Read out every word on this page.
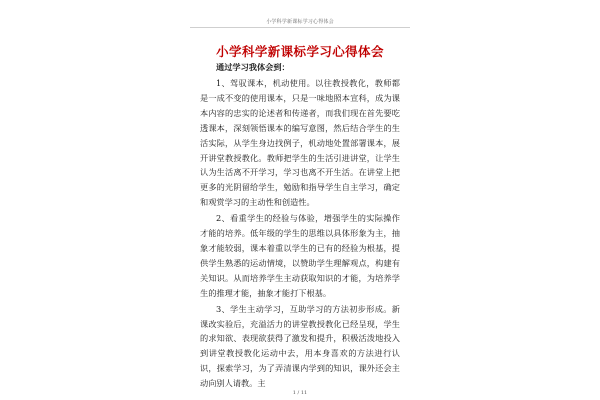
小学科学新课标学习心得体会
小学科学新课标学习心得体会

通过学习我体会到：

1、驾驭课本，机动使用。以往教授教化，教师都是一成不变的使用课本，只是一味地照本宣科，成为课本内容的忠实的论述者和传递者，而我们现在首先要吃透课本，深刻领悟课本的编写意图，然后结合学生的生活实际，从学生身边找例子，机动地处置部署课本，展开讲堂教授教化。教师把学生的生活引进讲堂，让学生认为生活离不开学习，学习也离不开生活。在讲堂上把更多的光阴留给学生，勉励和指导学生自主学习，确定和观赏学习的主动性和创造性。

2、看重学生的经验与体验，增强学生的实际操作才能的培养。低年级的学生的思维以具体形象为主，抽象才能较弱，课本着重以学生的已有的经验为根基，提供学生熟悉的运动情境，以赞助学生理解观点，构建有关知识。从而培养学生主动获取知识的才能，为培养学生的推理才能，抽象才能打下根基。

3、学生主动学习，互助学习的方法初步形成。新课改实验后，充溢活力的讲堂教授教化已经呈现，学生的求知欲、表现欲获得了激发和提升，积极活泼地投入到讲堂教授教化运动中去，用本身喜欢的方法进行认识，探索学习，为了弄清课内学到的知识，课外还会主动向别人请教。主

1 / 11
